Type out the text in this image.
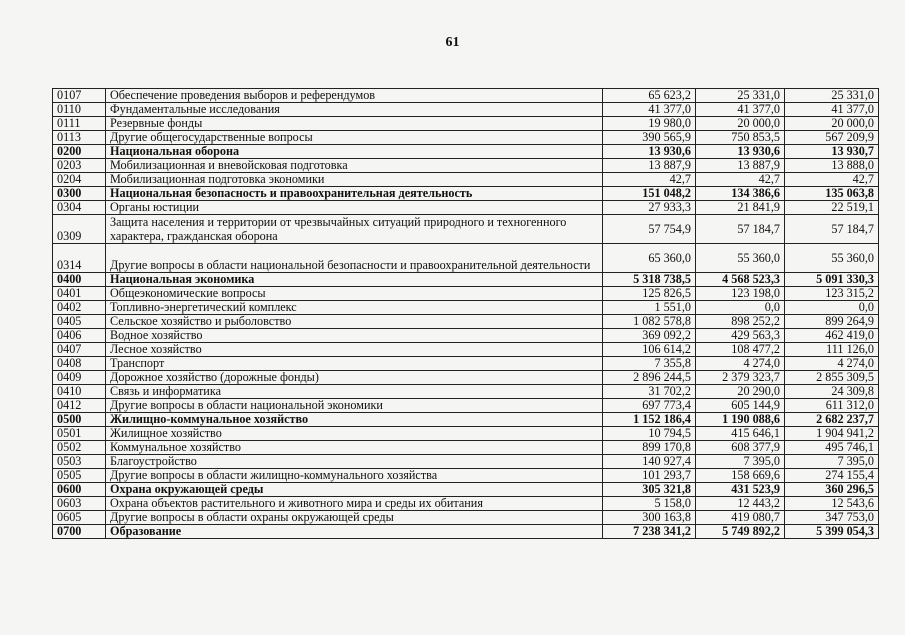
61
0107	Обеспечение проведения выборов и референдумов	65 623,2	25 331,0	25 331,0
0110	Фундаментальные исследования	41 377,0	41 377,0	41 377,0
0111	Резервные фонды	19 980,0	20 000,0	20 000,0
0113	Другие общегосударственные вопросы	390 565,9	750 853,5	567 209,9
0200	Национальная оборона	13 930,6	13 930,6	13 930,7
0203	Мобилизационная и вневойсковая подготовка	13 887,9	13 887,9	13 888,0
0204	Мобилизационная подготовка экономики	42,7	42,7	42,7
0300	Национальная безопасность и правоохранительная деятельность	151 048,2	134 386,6	135 063,8
0304	Органы юстиции	27 933,3	21 841,9	22 519,1
0309	Защита населения и территории от чрезвычайных ситуаций природного и техногенного характера, гражданская оборона	57 754,9	57 184,7	57 184,7
0314	Другие вопросы в области национальной безопасности и правоохранительной деятельности	65 360,0	55 360,0	55 360,0
0400	Национальная экономика	5 318 738,5	4 568 523,3	5 091 330,3
0401	Общеэкономические вопросы	125 826,5	123 198,0	123 315,2
0402	Топливно-энергетический комплекс	1 551,0	0,0	0,0
0405	Сельское хозяйство и рыболовство	1 082 578,8	898 252,2	899 264,9
0406	Водное хозяйство	369 092,2	429 563,3	462 419,0
0407	Лесное хозяйство	106 614,2	108 477,2	111 126,0
0408	Транспорт	7 355,8	4 274,0	4 274,0
0409	Дорожное хозяйство (дорожные фонды)	2 896 244,5	2 379 323,7	2 855 309,5
0410	Связь и информатика	31 702,2	20 290,0	24 309,8
0412	Другие вопросы в области национальной экономики	697 773,4	605 144,9	611 312,0
0500	Жилищно-коммунальное хозяйство	1 152 186,4	1 190 088,6	2 682 237,7
0501	Жилищное хозяйство	10 794,5	415 646,1	1 904 941,2
0502	Коммунальное хозяйство	899 170,8	608 377,9	495 746,1
0503	Благоустройство	140 927,4	7 395,0	7 395,0
0505	Другие вопросы в области жилищно-коммунального хозяйства	101 293,7	158 669,6	274 155,4
0600	Охрана окружающей среды	305 321,8	431 523,9	360 296,5
0603	Охрана объектов растительного и животного мира и среды их обитания	5 158,0	12 443,2	12 543,6
0605	Другие вопросы в области охраны окружающей среды	300 163,8	419 080,7	347 753,0
0700	Образование	7 238 341,2	5 749 892,2	5 399 054,3
